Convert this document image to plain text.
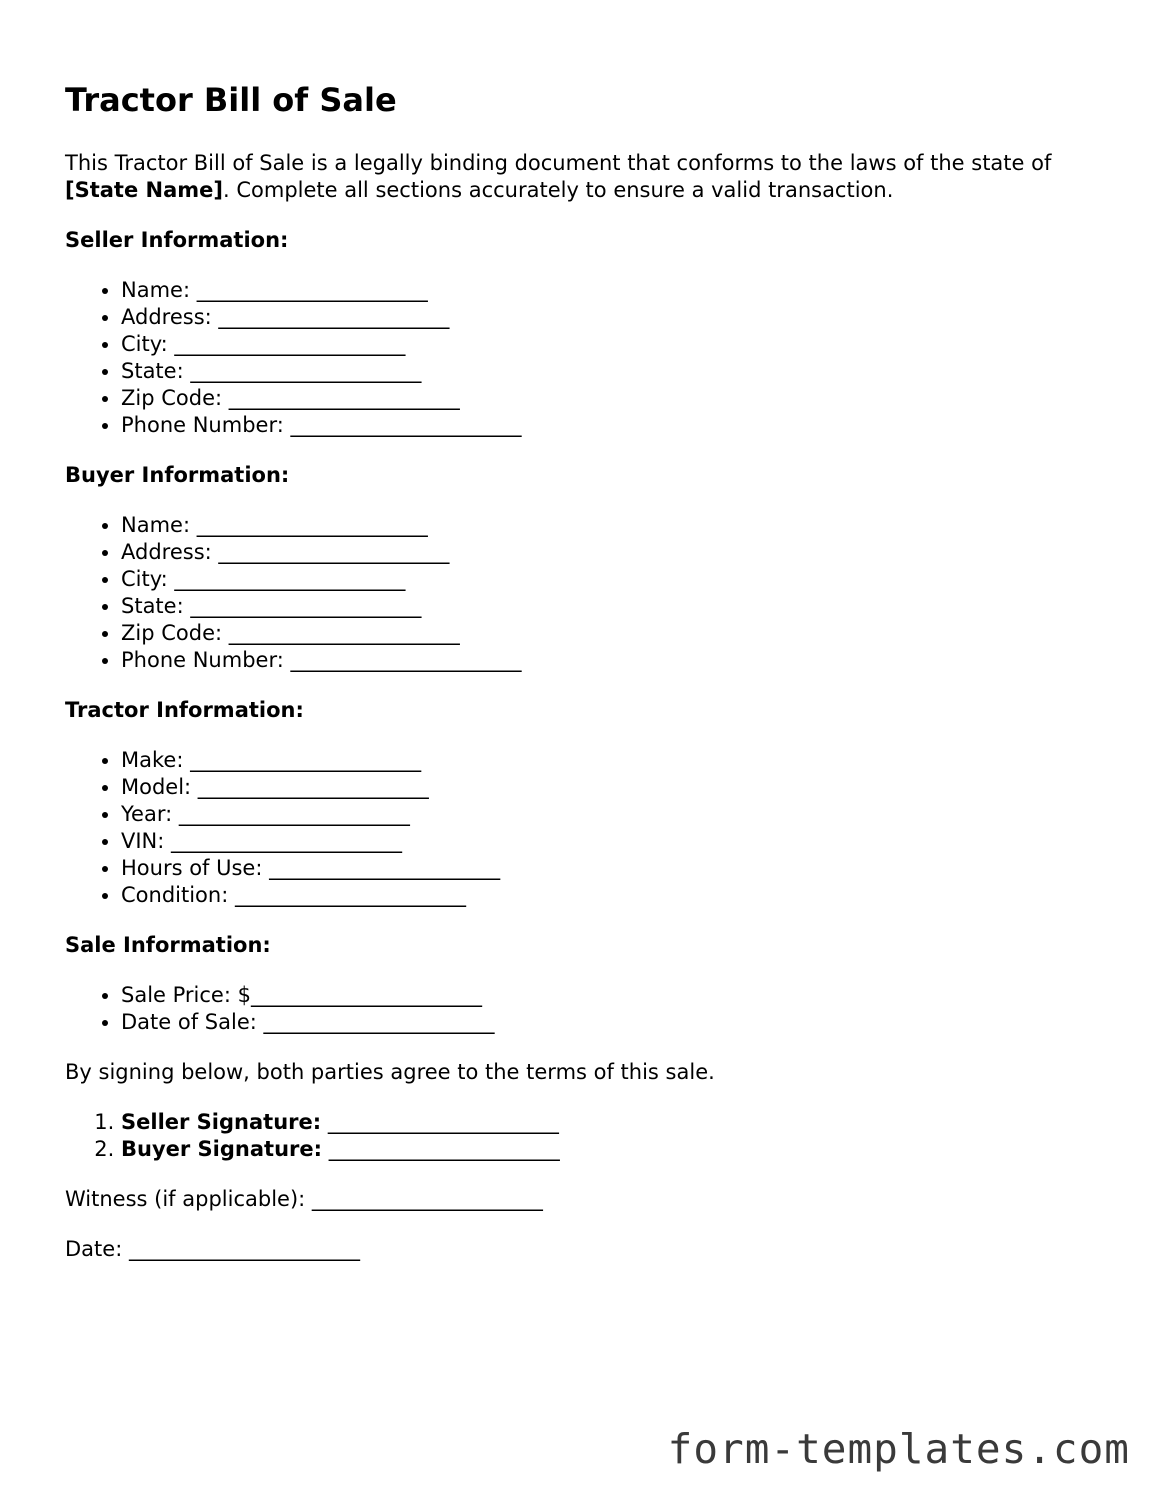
Tractor Bill of Sale

This Tractor Bill of Sale is a legally binding document that conforms to the laws of the state of [State Name]. Complete all sections accurately to ensure a valid transaction.

Seller Information:
• Name: ______________________
• Address: ______________________
• City: ______________________
• State: ______________________
• Zip Code: ______________________
• Phone Number: ______________________
Buyer Information:
• Name: ______________________
• Address: ______________________
• City: ______________________
• State: ______________________
• Zip Code: ______________________
• Phone Number: ______________________
Tractor Information:
• Make: ______________________
• Model: ______________________
• Year: ______________________
• VIN: ______________________
• Hours of Use: ______________________
• Condition: ______________________
Sale Information:
• Sale Price: $______________________
• Date of Sale: ______________________

By signing below, both parties agree to the terms of this sale.

1. Seller Signature: ______________________
2. Buyer Signature: ______________________

Witness (if applicable): ______________________

Date: ______________________

form-templates.com
